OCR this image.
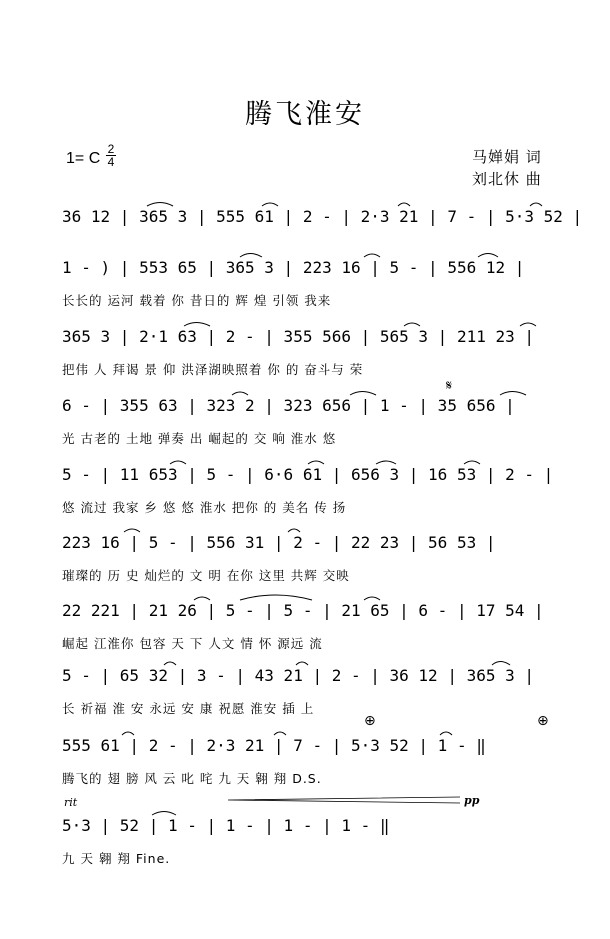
腾飞淮安
1= C
2
4	马婵娟 词
刘北休 曲
36 12 | 365 3 | 555 61 | 2 - | 2·3 21 | 7 - | 5·3 52 |
1 - ) | 553 65 | 365 3 | 223 16 | 5 - | 556 12 |
长长的 运河 载着 你 昔日的 辉 煌 引领 我来
365 3 | 2·1 63 | 2 - | 355 566 | 565 3 | 211 23 |
把伟 人 拜谒 景 仰 洪泽湖映照着 你 的 奋斗与 荣
6 - | 355 63 | 323 2 | 323 656 | 1 - | 35 656 |
光 古老的 土地 弹奏 出 崛起的 交 响 淮水 悠
5 - | 11 653 | 5 - | 6·6 61 | 656 3 | 16 53 | 2 - |
悠 流过 我家 乡 悠 悠 淮水 把你 的 美名 传 扬
223 16 | 5 - | 556 31 | 2 - | 22 23 | 56 53 |
璀璨的 历 史 灿烂的 文 明 在你 这里 共辉 交映
22 221 | 21 26 | 5 - | 5 - | 21 65 | 6 - | 17 54 |
崛起 江淮你 包容 天 下 人文 情 怀 源远 流
5 - | 65 32 | 3 - | 43 21 | 2 - | 36 12 | 365 3 |
长 祈福 淮 安 永远 安 康 祝愿 淮安 插 上
555 61 | 2 - | 2·3 21 | 7 - | 5·3 52 | 1 - ‖
腾飞的 翅 膀 风 云 叱 咤 九 天 翱 翔 D.S.
5·3 | 52 | 1 - | 1 - | 1 - | 1 - ‖
九 天 翱 翔 Fine.
rit	pp
𝄋
⊕	⊕
